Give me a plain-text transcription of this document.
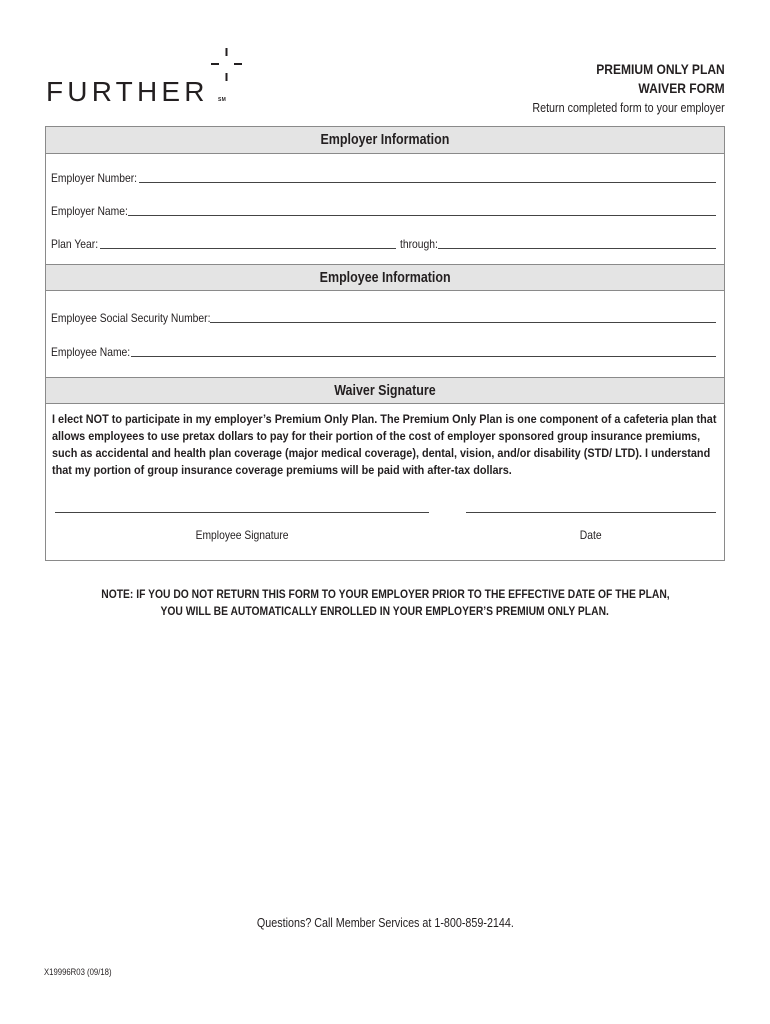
FURTHER SM
PREMIUM ONLY PLAN
WAIVER FORM
Return completed form to your employer
Employer Information
Employer Number:
Employer Name:
Plan Year:	through:
Employee Information
Employee Social Security Number:
Employee Name:
Waiver Signature
I elect NOT to participate in my employer’s Premium Only Plan. The Premium Only Plan is one component of a cafeteria plan that allows employees to use pretax dollars to pay for their portion of the cost of employer sponsored group insurance premiums, such as accidental and health plan coverage (major medical coverage), dental, vision, and/or disability (STD/ LTD). I understand that my portion of group insurance coverage premiums will be paid with after-tax dollars.
Employee Signature	Date
NOTE: IF YOU DO NOT RETURN THIS FORM TO YOUR EMPLOYER PRIOR TO THE EFFECTIVE DATE OF THE PLAN,
YOU WILL BE AUTOMATICALLY ENROLLED IN YOUR EMPLOYER’S PREMIUM ONLY PLAN.
Questions? Call Member Services at 1-800-859-2144.
X19996R03 (09/18)
